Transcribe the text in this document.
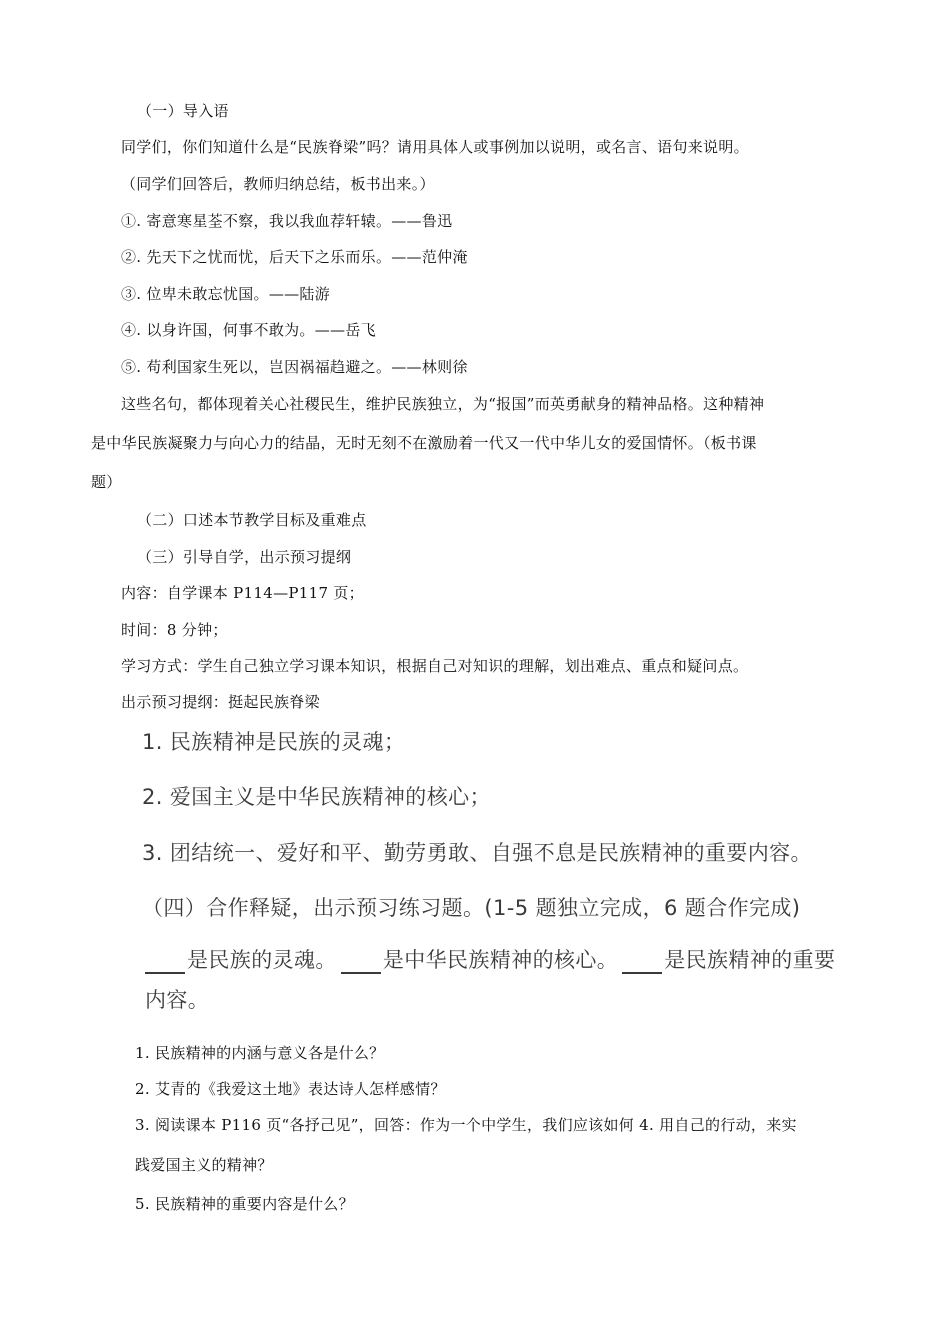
（一）导入语
同学们，你们知道什么是“民族脊梁”吗？请用具体人或事例加以说明，或名言、语句来说明。
（同学们回答后，教师归纳总结，板书出来。）
①. 寄意寒星荃不察，我以我血荐轩辕。——鲁迅
②. 先天下之忧而忧，后天下之乐而乐。——范仲淹
③. 位卑未敢忘忧国。——陆游
④. 以身许国，何事不敢为。——岳飞
⑤. 苟利国家生死以，岂因祸福趋避之。——林则徐
这些名句，都体现着关心社稷民生，维护民族独立，为“报国”而英勇献身的精神品格。这种精神
是中华民族凝聚力与向心力的结晶，无时无刻不在激励着一代又一代中华儿女的爱国情怀。（板书课
题）
（二）口述本节教学目标及重难点
（三）引导自学，出示预习提纲
内容：自学课本 P114—P117 页；
时间：8 分钟；
学习方式：学生自己独立学习课本知识，根据自己对知识的理解，划出难点、重点和疑问点。
出示预习提纲：挺起民族脊梁
1. 民族精神是民族的灵魂；
2. 爱国主义是中华民族精神的核心；
3. 团结统一、爱好和平、勤劳勇敢、自强不息是民族精神的重要内容。
（四）合作释疑，出示预习练习题。(1-5 题独立完成，6 题合作完成)
是民族的灵魂。 是中华民族精神的核心。 是民族精神的重要
内容。
1. 民族精神的内涵与意义各是什么？
2. 艾青的《我爱这土地》表达诗人怎样感情？
3. 阅读课本 P116 页“各抒己见”，回答：作为一个中学生，我们应该如何 4. 用自己的行动，来实
践爱国主义的精神？
5. 民族精神的重要内容是什么？
